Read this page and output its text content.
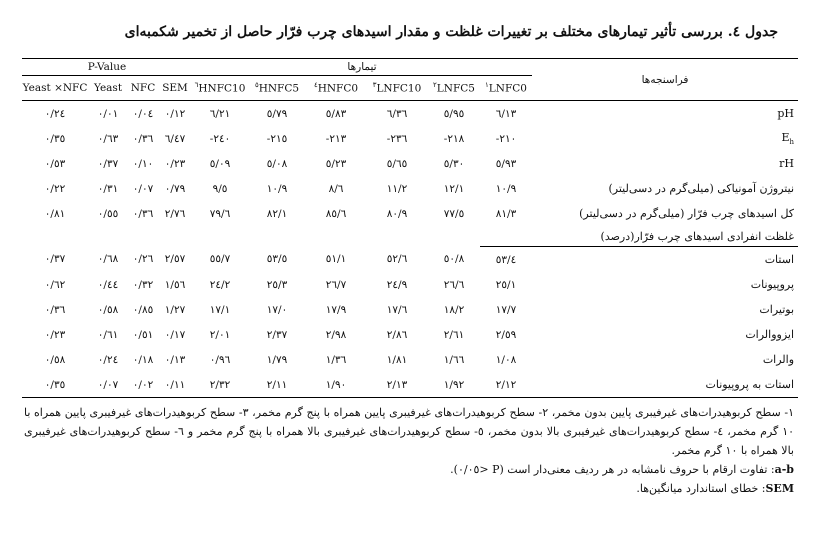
جدول ٤. بررسی تأثیر تیمارهای مختلف بر تغییرات غلظت و مقدار اسیدهای چرب فرّار حاصل از تخمیر شکمبه‌ای
P-Value				تیمارها						فراسنجه‌ها
Yeast ×NFC	Yeast	NFC	SEM	$^٦$HNFC10	$^٥$HNFC5	$^٤$HNFC0	$^٣$LNFC10	$^٢$LNFC5	$^١$LNFC0	
٠/٢٤	٠/٠١	٠/٠٤	٠/١٢	٦/٢١	٥/٧٩	٥/٨٣	٦/٣٦	٥/٩٥	٦/١٣	pH
٠/٣٥	٠/٦٣	٠/٣٦	٦/٤٧	-٢٤٠	-٢١٥	-٢١٣	-٢٣٦	-٢١٨	-٢١٠	$E_h$
٠/٥٣	٠/٣٧	٠/١٠	٠/٢٣	٥/٠٩	٥/٠٨	٥/٢٣	٥/٦٥	٥/٣٠	٥/٩٣	rH
٠/٢٢	٠/٣١	٠/٠٧	٠/٧٩	٩/٥	١٠/٩	٨/٦	١١/٢	١٢/١	١٠/٩	نیتروژن آمونیاکی (میلی‌گرم در دسی‌لیتر)
٠/٨١	٠/٥٥	٠/٣٦	٢/٧٦	٧٩/٦	٨٢/١	٨٥/٦	٨٠/٩	٧٧/٥	٨١/٣	کل اسیدهای چرب فرّار (میلی‌گرم در دسی‌لیتر)
									غلظت انفرادی اسیدهای چرب فرّار(درصد)	
٠/٣٧	٠/٦٨	٠/٢٦	٢/٥٧	٥٥/٧	٥٣/٥	٥١/١	٥٢/٦	٥٠/٨	٥٣/٤	استات
٠/٦٢	٠/٤٤	٠/٣٢	١/٥٦	٢٤/٢	٢٥/٣	٢٦/٧	٢٤/٩	٢٦/٦	٢٥/١	پروپیونات
٠/٣٦	٠/٥٨	٠/٨٥	١/٢٧	١٧/١	١٧/٠	١٧/٩	١٧/٦	١٨/٢	١٧/٧	بوتیرات
٠/٢٣	٠/٦١	٠/٥١	٠/١٧	٢/٠١	٢/٣٧	٢/٩٨	٢/٨٦	٢/٦١	٢/٥٩	ایزووالرات
٠/٥٨	٠/٢٤	٠/١٨	٠/١٣	٠/٩٦	١/٧٩	١/٣٦	١/٨١	١/٦٦	١/٠٨	والرات
٠/٣٥	٠/٠٧	٠/٠٢	٠/١١	٢/٣٢	٢/١١	١/٩٠	٢/١٣	١/٩٢	٢/١٢	استات به پروپیونات

١- سطح کربوهیدرات‌های غیرفیبری پایین بدون مخمر، ٢- سطح کربوهیدرات‌های غیرفیبری پایین همراه با پنج گرم مخمر، ٣- سطح کربوهیدرات‌های غیرفیبری پایین همراه با ١٠ گرم مخمر، ٤- سطح کربوهیدرات‌های غیرفیبری بالا بدون مخمر، ٥- سطح کربوهیدرات‌های غیرفیبری بالا همراه با پنج گرم مخمر و ٦- سطح کربوهیدرات‌های غیرفیبری بالا همراه با ١٠ گرم مخمر.

a-b: تفاوت ارقام با حروف نامشابه در هر ردیف معنی‌دار است (P <٠/٠٥).

SEM: خطای استاندارد میانگین‌ها.
